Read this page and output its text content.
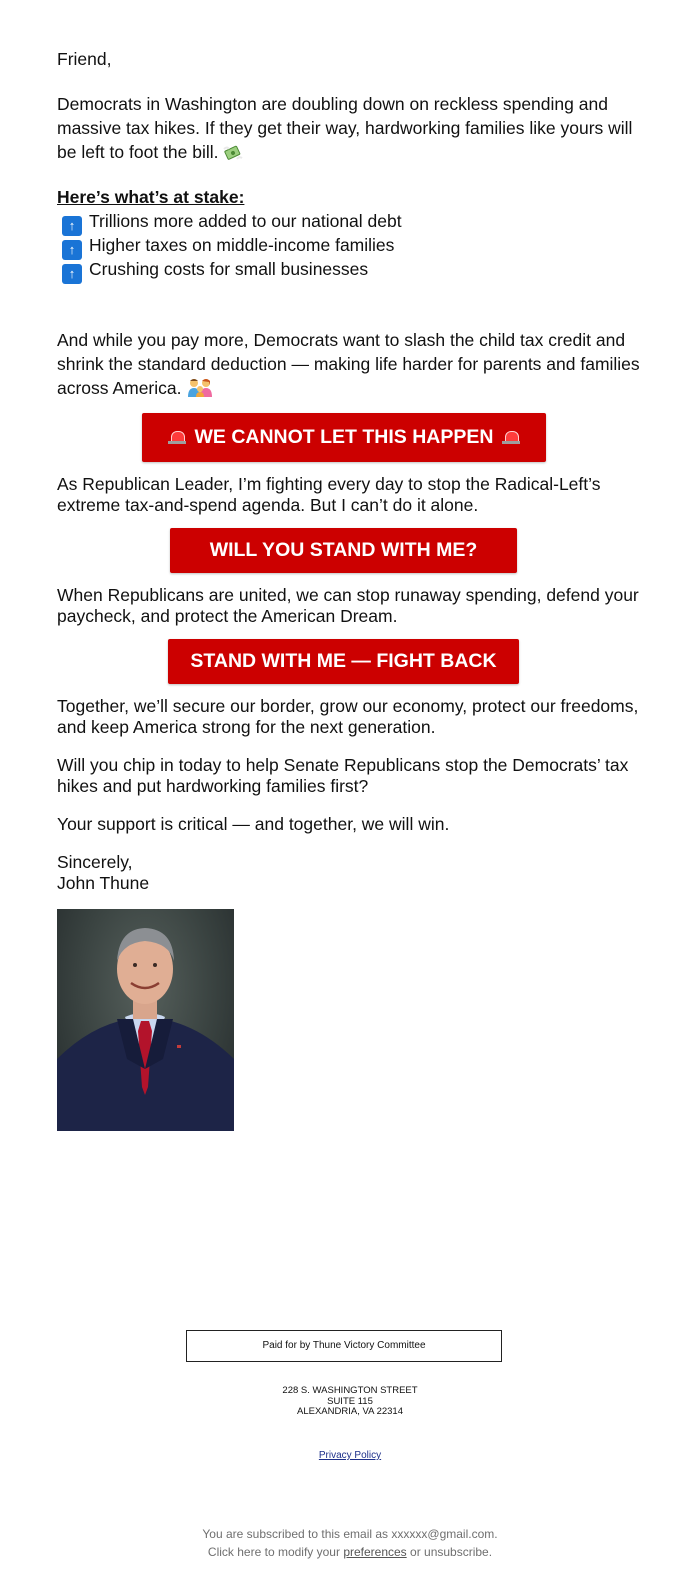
Friend,

Democrats in Washington are doubling down on reckless spending and massive tax hikes. If they get their way, hardworking families like yours will be left to foot the bill.

Here’s what’s at stake:

↑ Trillions more added to our national debt
↑ Higher taxes on middle-income families
↑ Crushing costs for small businesses

And while you pay more, Democrats want to slash the child tax credit and shrink the standard deduction — making life harder for parents and families across America.

WE CANNOT LET THIS HAPPEN

As Republican Leader, I’m fighting every day to stop the Radical-Left’s extreme tax-and-spend agenda. But I can’t do it alone.

WILL YOU STAND WITH ME?

When Republicans are united, we can stop runaway spending, defend your paycheck, and protect the American Dream.

STAND WITH ME — FIGHT BACK

Together, we’ll secure our border, grow our economy, protect our freedoms, and keep America strong for the next generation.

Will you chip in today to help Senate Republicans stop the Democrats’ tax hikes and put hardworking families first?

Your support is critical — and together, we will win.

Sincerely,

John Thune

Paid for by Thune Victory Committee
228 S. WASHINGTON STREET
SUITE 115
ALEXANDRIA, VA 22314
Privacy Policy
You are subscribed to this email as xxxxxx@gmail.com.
Click here to modify your preferences or unsubscribe.
